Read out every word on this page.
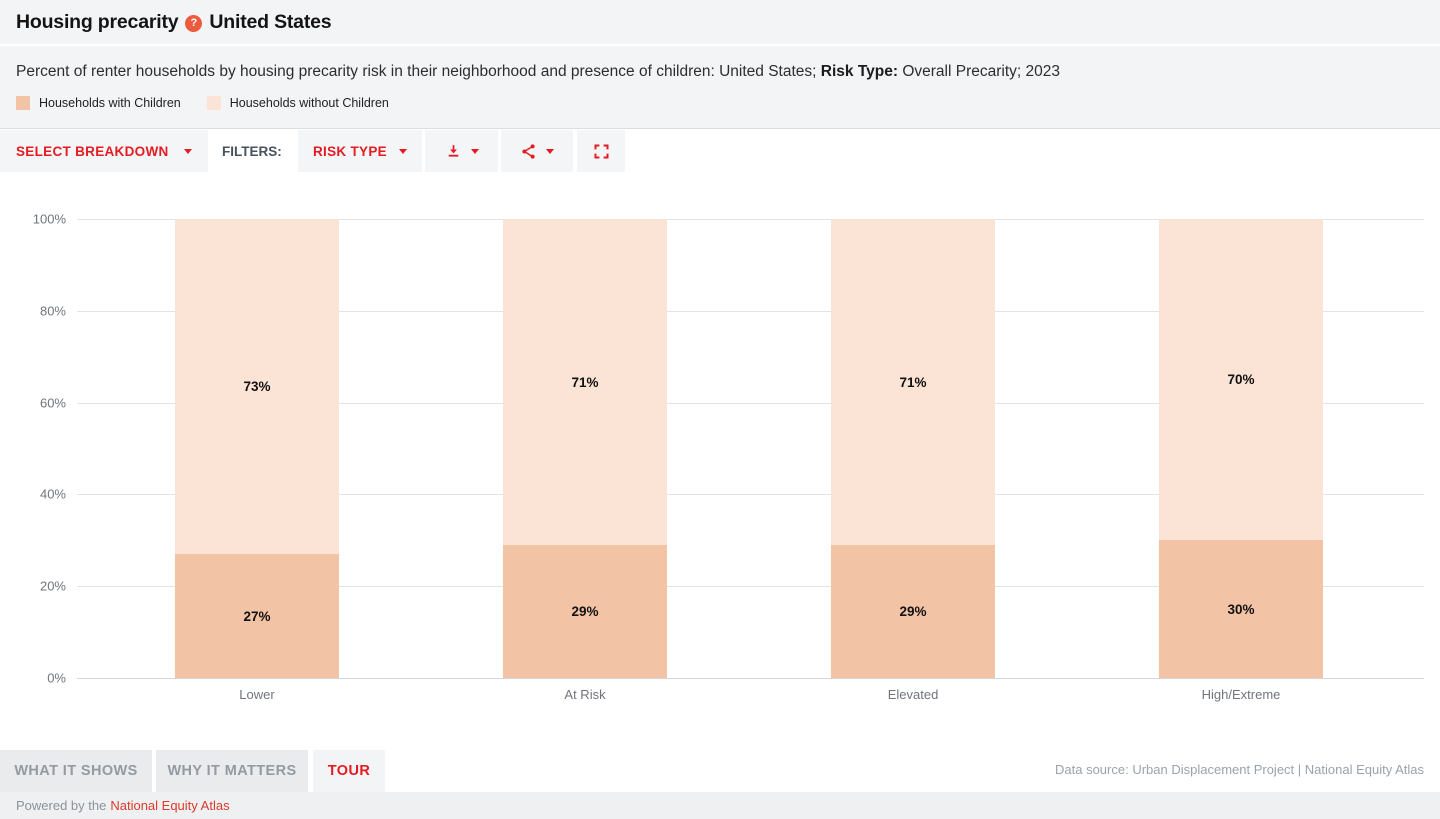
Housing precarity	? United States
Percent of renter households by housing precarity risk in their neighborhood and presence of children: United States; Risk Type: Overall Precarity; 2023
Households with Children	Households without Children
SELECT BREAKDOWN	FILTERS:	RISK TYPE
0%
20%
40%
60%
80%
100%
27%
73%
Lower
29%
71%
At Risk
29%
71%
Elevated
30%
70%
High/Extreme
WHAT IT SHOWS	WHY IT MATTERS	TOUR	Data source: Urban Displacement Project | National Equity Atlas
Powered by the National Equity Atlas
